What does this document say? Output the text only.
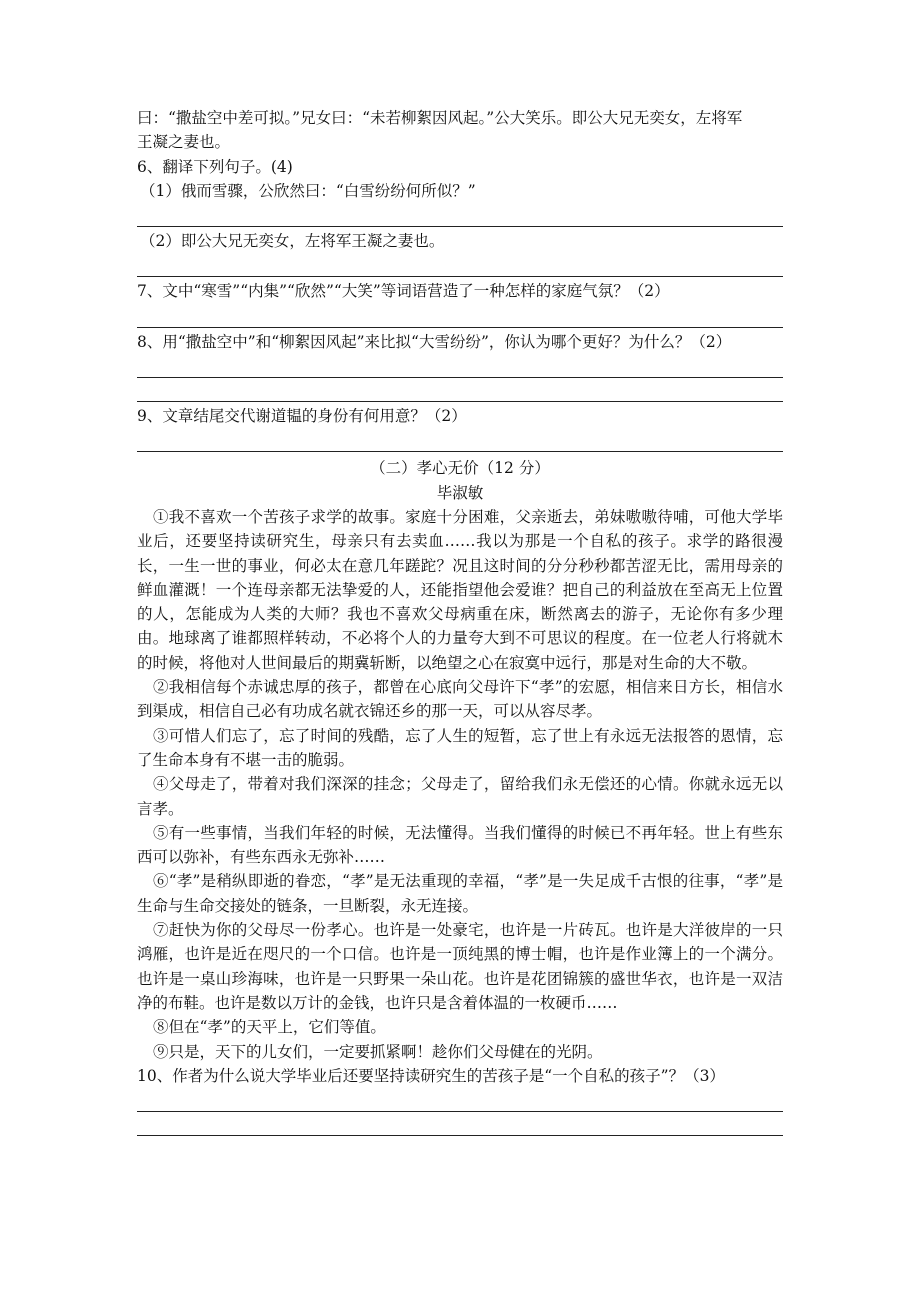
曰：“撒盐空中差可拟。”兄女曰：“未若柳絮因风起。”公大笑乐。即公大兄无奕女，左将军
王凝之妻也。
6、翻译下列句子。(4)
（1）俄而雪骤，公欣然曰：“白雪纷纷何所似？”
（2）即公大兄无奕女，左将军王凝之妻也。
7、文中“寒雪”“内集”“欣然”“大笑”等词语营造了一种怎样的家庭气氛？（2）
8、用“撒盐空中”和“柳絮因风起”来比拟“大雪纷纷”，你认为哪个更好？为什么？（2）
9、文章结尾交代谢道韫的身份有何用意？（2）
（二）孝心无价（12 分）
毕淑敏
①我不喜欢一个苦孩子求学的故事。家庭十分困难，父亲逝去，弟妹嗷嗷待哺，可他大学毕业后，还要坚持读研究生，母亲只有去卖血……我以为那是一个自私的孩子。求学的路很漫长，一生一世的事业，何必太在意几年蹉跎？况且这时间的分分秒秒都苦涩无比，需用母亲的鲜血灌溉！一个连母亲都无法挚爱的人，还能指望他会爱谁？把自己的利益放在至高无上位置的人，怎能成为人类的大师？我也不喜欢父母病重在床，断然离去的游子，无论你有多少理由。地球离了谁都照样转动，不必将个人的力量夸大到不可思议的程度。在一位老人行将就木的时候，将他对人世间最后的期冀斩断，以绝望之心在寂寞中远行，那是对生命的大不敬。
②我相信每个赤诚忠厚的孩子，都曾在心底向父母许下“孝”的宏愿，相信来日方长，相信水到渠成，相信自己必有功成名就衣锦还乡的那一天，可以从容尽孝。
③可惜人们忘了，忘了时间的残酷，忘了人生的短暂，忘了世上有永远无法报答的恩情，忘了生命本身有不堪一击的脆弱。
④父母走了，带着对我们深深的挂念；父母走了，留给我们永无偿还的心情。你就永远无以言孝。
⑤有一些事情，当我们年轻的时候，无法懂得。当我们懂得的时候已不再年轻。世上有些东西可以弥补，有些东西永无弥补……
⑥“孝”是稍纵即逝的眷恋，“孝”是无法重现的幸福，“孝”是一失足成千古恨的往事，“孝”是生命与生命交接处的链条，一旦断裂，永无连接。
⑦赶快为你的父母尽一份孝心。也许是一处豪宅，也许是一片砖瓦。也许是大洋彼岸的一只鸿雁，也许是近在咫尺的一个口信。也许是一顶纯黑的博士帽，也许是作业簿上的一个满分。也许是一桌山珍海味，也许是一只野果一朵山花。也许是花团锦簇的盛世华衣，也许是一双洁净的布鞋。也许是数以万计的金钱，也许只是含着体温的一枚硬币……
⑧但在“孝”的天平上，它们等值。
⑨只是，天下的儿女们，一定要抓紧啊！趁你们父母健在的光阴。
10、作者为什么说大学毕业后还要坚持读研究生的苦孩子是“一个自私的孩子”？（3）
